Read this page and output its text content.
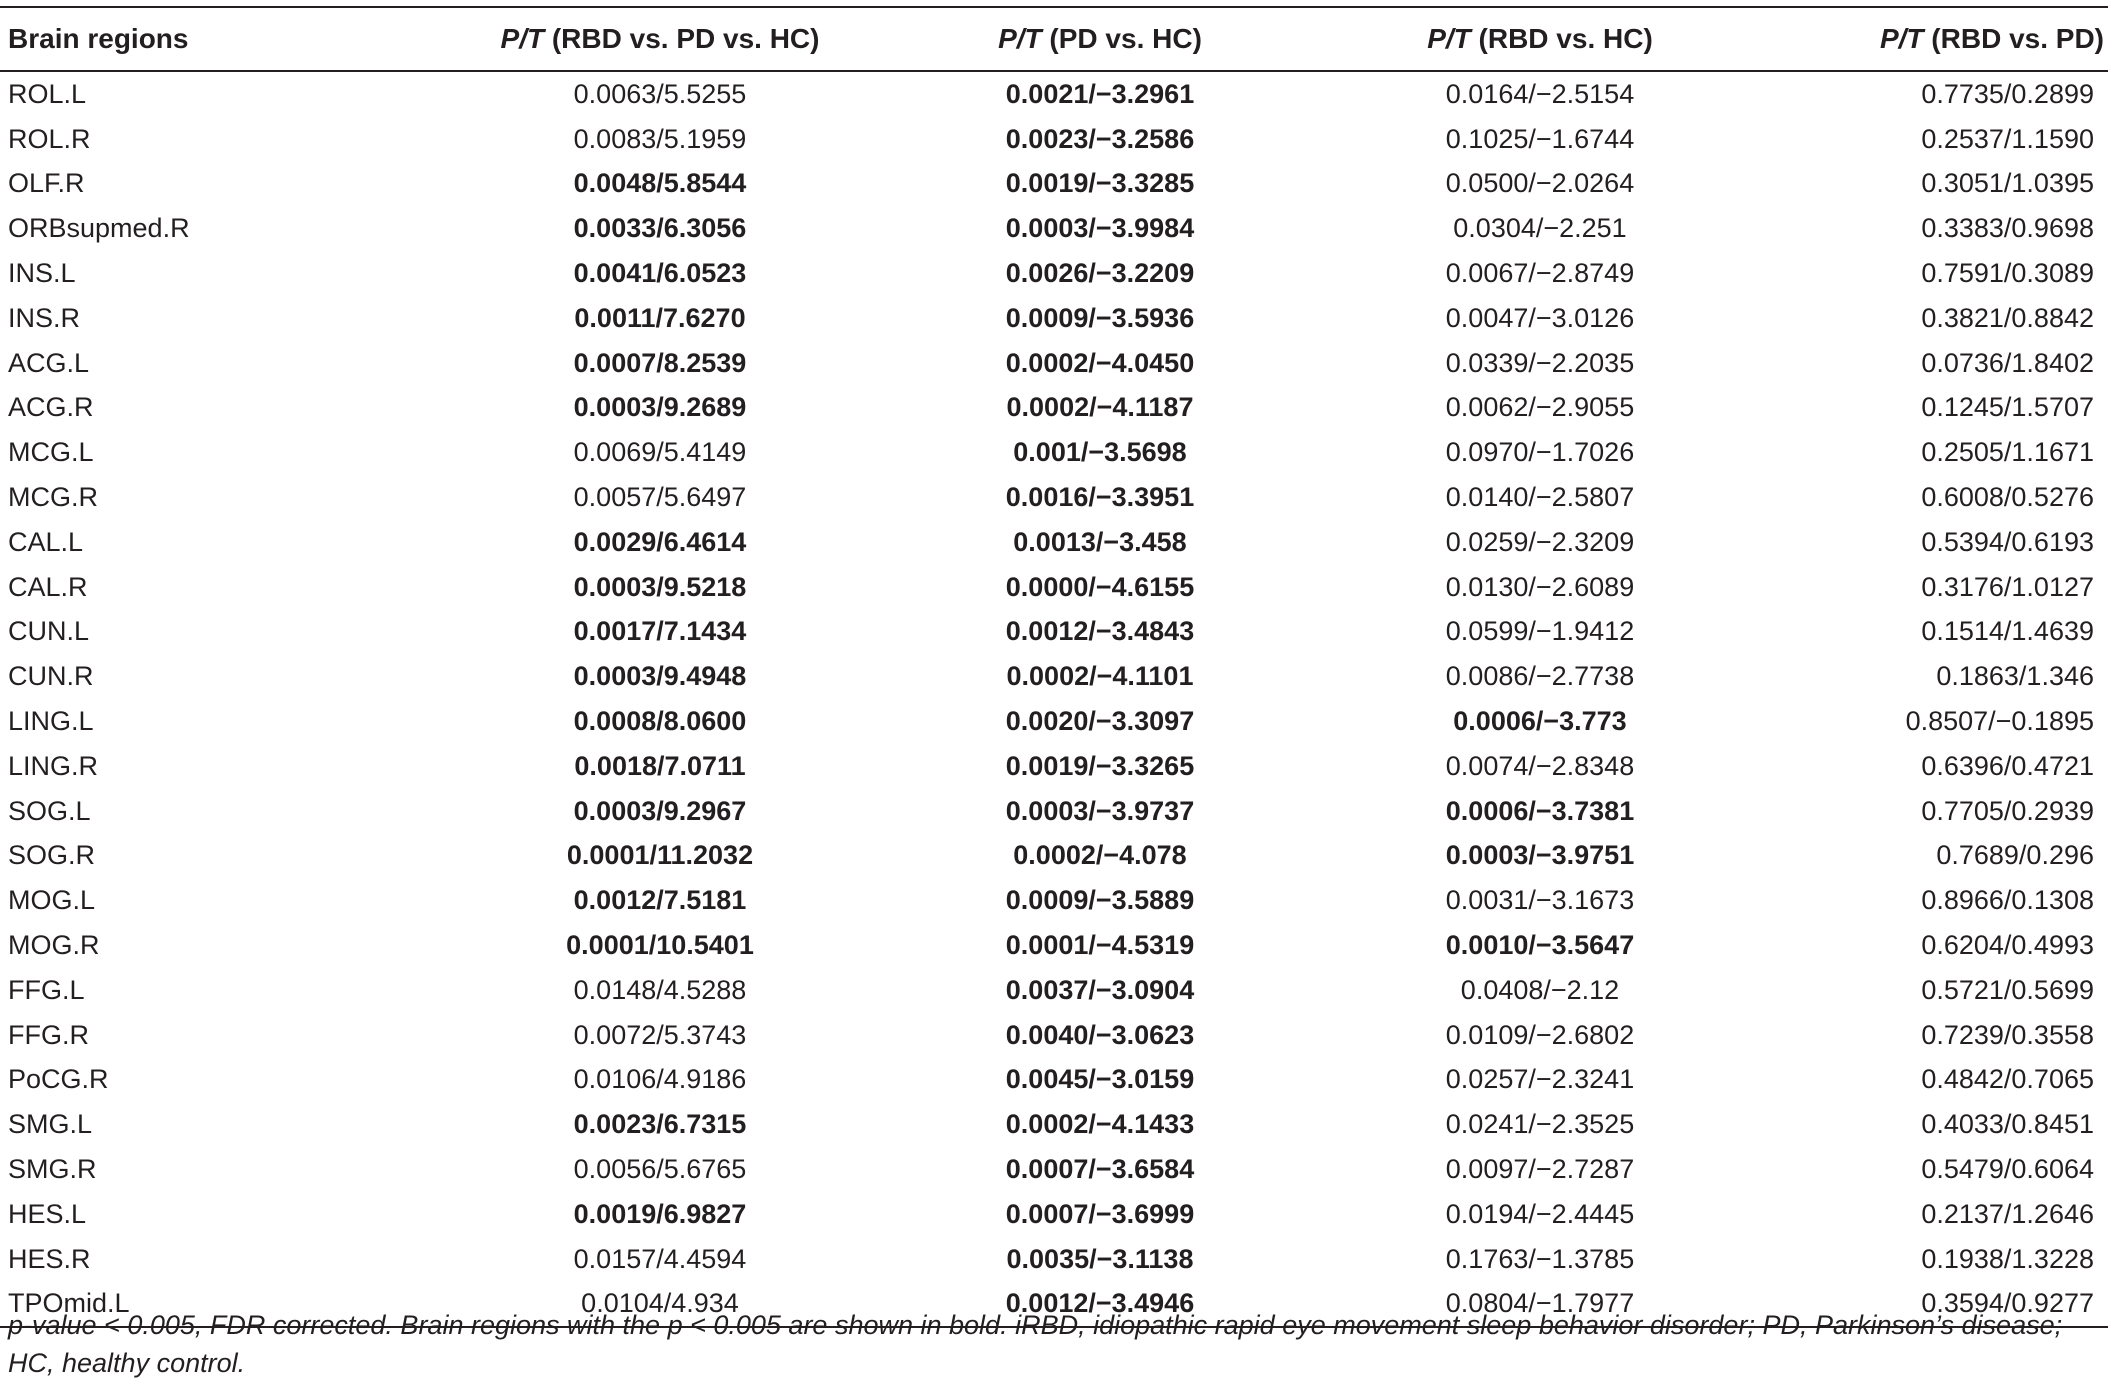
Brain regions	P/T (RBD vs. PD vs. HC)	P/T (PD vs. HC)	P/T (RBD vs. HC)	P/T (RBD vs. PD)
ROL.L	0.0063/5.5255	0.0021/−3.2961	0.0164/−2.5154	0.7735/0.2899
ROL.R	0.0083/5.1959	0.0023/−3.2586	0.1025/−1.6744	0.2537/1.1590
OLF.R	0.0048/5.8544	0.0019/−3.3285	0.0500/−2.0264	0.3051/1.0395
ORBsupmed.R	0.0033/6.3056	0.0003/−3.9984	0.0304/−2.251	0.3383/0.9698
INS.L	0.0041/6.0523	0.0026/−3.2209	0.0067/−2.8749	0.7591/0.3089
INS.R	0.0011/7.6270	0.0009/−3.5936	0.0047/−3.0126	0.3821/0.8842
ACG.L	0.0007/8.2539	0.0002/−4.0450	0.0339/−2.2035	0.0736/1.8402
ACG.R	0.0003/9.2689	0.0002/−4.1187	0.0062/−2.9055	0.1245/1.5707
MCG.L	0.0069/5.4149	0.001/−3.5698	0.0970/−1.7026	0.2505/1.1671
MCG.R	0.0057/5.6497	0.0016/−3.3951	0.0140/−2.5807	0.6008/0.5276
CAL.L	0.0029/6.4614	0.0013/−3.458	0.0259/−2.3209	0.5394/0.6193
CAL.R	0.0003/9.5218	0.0000/−4.6155	0.0130/−2.6089	0.3176/1.0127
CUN.L	0.0017/7.1434	0.0012/−3.4843	0.0599/−1.9412	0.1514/1.4639
CUN.R	0.0003/9.4948	0.0002/−4.1101	0.0086/−2.7738	0.1863/1.346
LING.L	0.0008/8.0600	0.0020/−3.3097	0.0006/−3.773	0.8507/−0.1895
LING.R	0.0018/7.0711	0.0019/−3.3265	0.0074/−2.8348	0.6396/0.4721
SOG.L	0.0003/9.2967	0.0003/−3.9737	0.0006/−3.7381	0.7705/0.2939
SOG.R	0.0001/11.2032	0.0002/−4.078	0.0003/−3.9751	0.7689/0.296
MOG.L	0.0012/7.5181	0.0009/−3.5889	0.0031/−3.1673	0.8966/0.1308
MOG.R	0.0001/10.5401	0.0001/−4.5319	0.0010/−3.5647	0.6204/0.4993
FFG.L	0.0148/4.5288	0.0037/−3.0904	0.0408/−2.12	0.5721/0.5699
FFG.R	0.0072/5.3743	0.0040/−3.0623	0.0109/−2.6802	0.7239/0.3558
PoCG.R	0.0106/4.9186	0.0045/−3.0159	0.0257/−2.3241	0.4842/0.7065
SMG.L	0.0023/6.7315	0.0002/−4.1433	0.0241/−2.3525	0.4033/0.8451
SMG.R	0.0056/5.6765	0.0007/−3.6584	0.0097/−2.7287	0.5479/0.6064
HES.L	0.0019/6.9827	0.0007/−3.6999	0.0194/−2.4445	0.2137/1.2646
HES.R	0.0157/4.4594	0.0035/−3.1138	0.1763/−1.3785	0.1938/1.3228
TPOmid.L	0.0104/4.934	0.0012/−3.4946	0.0804/−1.7977	0.3594/0.9277
p-value < 0.005, FDR corrected. Brain regions with the p < 0.005 are shown in bold. iRBD, idiopathic rapid eye movement sleep behavior disorder; PD, Parkinson’s disease; HC, healthy control.
